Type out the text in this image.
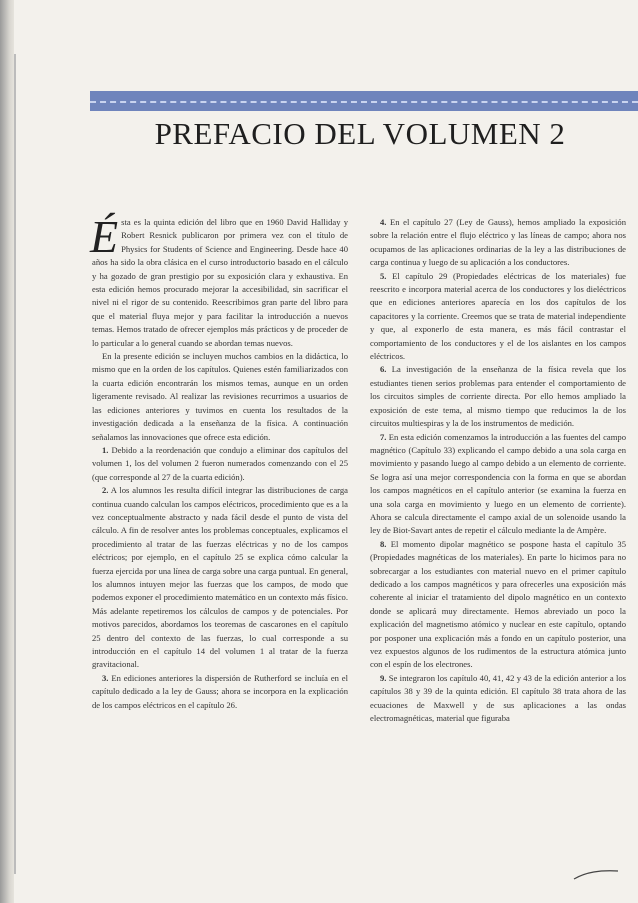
PREFACIO DEL VOLUMEN 2

Ésta es la quinta edición del libro que en 1960 David Halliday y Robert Resnick publicaron por primera vez con el título de Physics for Students of Science and Engineering. Desde hace 40 años ha sido la obra clásica en el curso introductorio basado en el cálculo y ha gozado de gran prestigio por su exposición clara y exhaustiva. En esta edición hemos procurado mejorar la accesibilidad, sin sacrificar el nivel ni el rigor de su contenido. Reescribimos gran parte del libro para que el material fluya mejor y para facilitar la introducción a nuevos temas. Hemos tratado de ofrecer ejemplos más prácticos y de proceder de lo particular a lo general cuando se abordan temas nuevos.

En la presente edición se incluyen muchos cambios en la didáctica, lo mismo que en la orden de los capítulos. Quienes estén familiarizados con la cuarta edición encontrarán los mismos temas, aunque en un orden ligeramente revisado. Al realizar las revisiones recurrimos a usuarios de las ediciones anteriores y tuvimos en cuenta los resultados de la investigación dedicada a la enseñanza de la física. A continuación señalamos las innovaciones que ofrece esta edición.

1. Debido a la reordenación que condujo a eliminar dos capítulos del volumen 1, los del volumen 2 fueron numerados comenzando con el 25 (que corresponde al 27 de la cuarta edición).

2. A los alumnos les resulta difícil integrar las distribuciones de carga continua cuando calculan los campos eléctricos, procedimiento que es a la vez conceptualmente abstracto y nada fácil desde el punto de vista del cálculo. A fin de resolver antes los problemas conceptuales, explicamos el procedimiento al tratar de las fuerzas eléctricas y no de los campos eléctricos; por ejemplo, en el capítulo 25 se explica cómo calcular la fuerza ejercida por una línea de carga sobre una carga puntual. En general, los alumnos intuyen mejor las fuerzas que los campos, de modo que podemos exponer el procedimiento matemático en un contexto más físico. Más adelante repetiremos los cálculos de campos y de potenciales. Por motivos parecidos, abordamos los teoremas de cascarones en el capítulo 25 dentro del contexto de las fuerzas, lo cual corresponde a su introducción en el capítulo 14 del volumen 1 al tratar de la fuerza gravitacional.

3. En ediciones anteriores la dispersión de Rutherford se incluía en el capítulo dedicado a la ley de Gauss; ahora se incorpora en la explicación de los campos eléctricos en el capítulo 26.

4. En el capítulo 27 (Ley de Gauss), hemos ampliado la exposición sobre la relación entre el flujo eléctrico y las líneas de campo; ahora nos ocupamos de las aplicaciones ordinarias de la ley a las distribuciones de carga continua y luego de su aplicación a los conductores.

5. El capítulo 29 (Propiedades eléctricas de los materiales) fue reescrito e incorpora material acerca de los conductores y los dieléctricos que en ediciones anteriores aparecía en los dos capítulos de los capacitores y la corriente. Creemos que se trata de material independiente y que, al exponerlo de esta manera, es más fácil contrastar el comportamiento de los conductores y el de los aislantes en los campos eléctricos.

6. La investigación de la enseñanza de la física revela que los estudiantes tienen serios problemas para entender el comportamiento de los circuitos simples de corriente directa. Por ello hemos ampliado la exposición de este tema, al mismo tiempo que reducimos la de los circuitos multiespiras y la de los instrumentos de medición.

7. En esta edición comenzamos la introducción a las fuentes del campo magnético (Capítulo 33) explicando el campo debido a una sola carga en movimiento y pasando luego al campo debido a un elemento de corriente. Se logra así una mejor correspondencia con la forma en que se abordan los campos magnéticos en el capítulo anterior (se examina la fuerza en una sola carga en movimiento y luego en un elemento de corriente). Ahora se calcula directamente el campo axial de un solenoide usando la ley de Biot-Savart antes de repetir el cálculo mediante la de Ampère.

8. El momento dipolar magnético se pospone hasta el capítulo 35 (Propiedades magnéticas de los materiales). En parte lo hicimos para no sobrecargar a los estudiantes con material nuevo en el primer capítulo dedicado a los campos magnéticos y para ofrecerles una exposición más coherente al iniciar el tratamiento del dipolo magnético en un contexto donde se aplicará muy directamente. Hemos abreviado un poco la explicación del magnetismo atómico y nuclear en este capítulo, optando por posponer una explicación más a fondo en un capítulo posterior, una vez expuestos algunos de los rudimentos de la estructura atómica junto con el espín de los electrones.

9. Se integraron los capítulo 40, 41, 42 y 43 de la edición anterior a los capítulos 38 y 39 de la quinta edición. El capítulo 38 trata ahora de las ecuaciones de Maxwell y de sus aplicaciones a las ondas electromagnéticas, material que figuraba
